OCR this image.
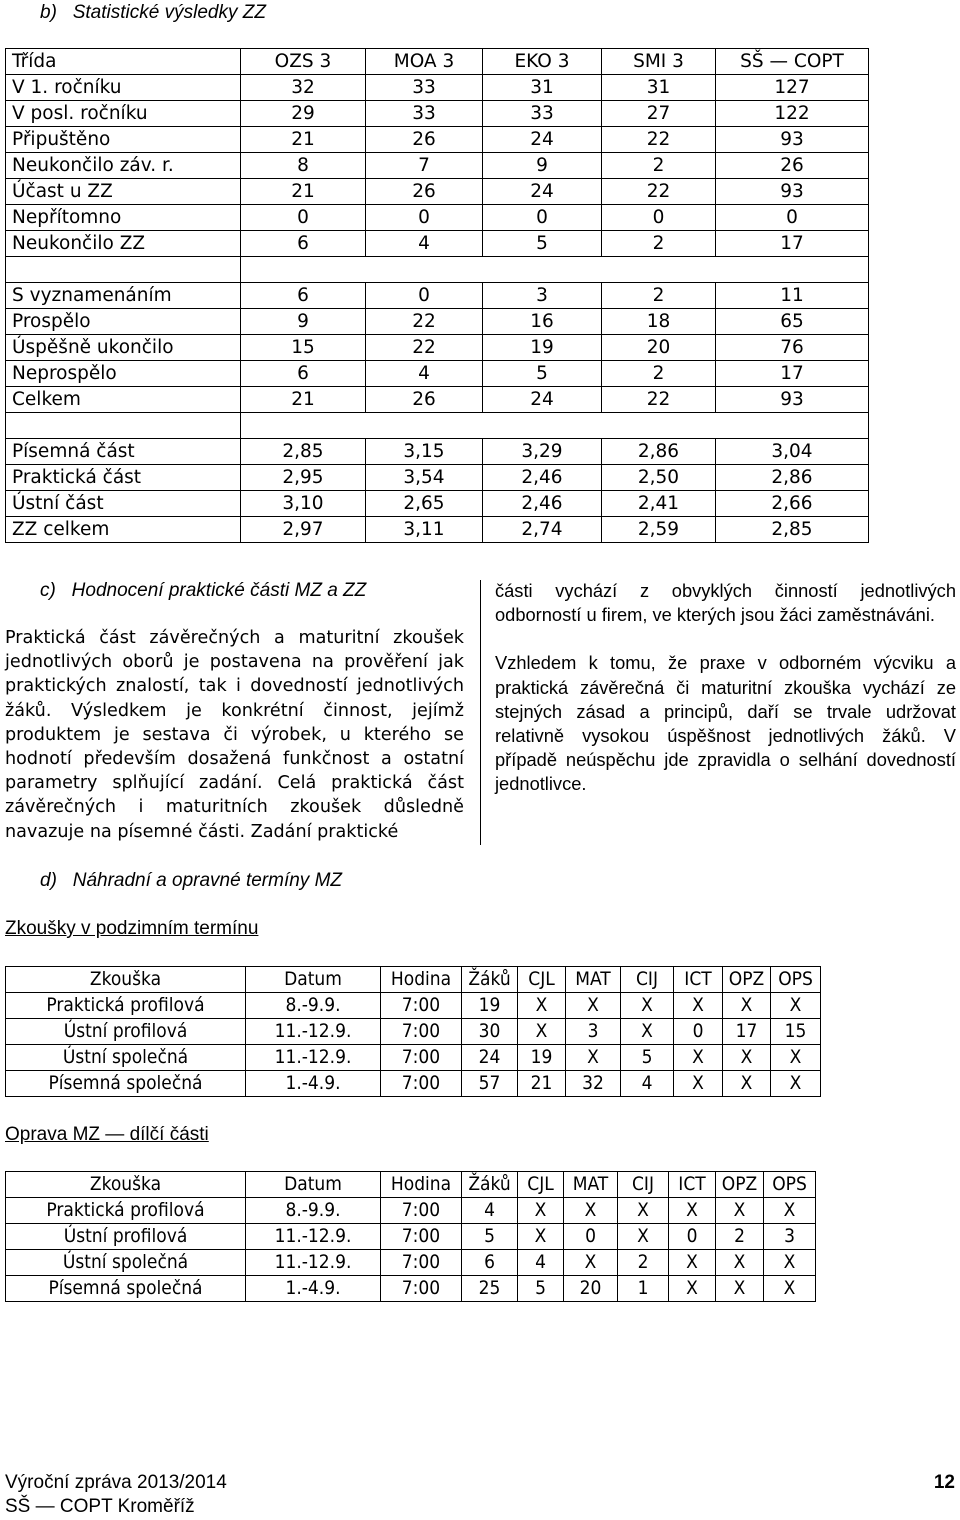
b)   Statistické výsledky ZZ
Třída	OZS 3	MOA 3	EKO 3	SMI 3	SŠ — COPT
V 1. ročníku	32	33	31	31	127
V posl. ročníku	29	33	33	27	122
Připuštěno	21	26	24	22	93
Neukončilo záv. r.	8	7	9	2	26
Účast u ZZ	21	26	24	22	93
Nepřítomno	0	0	0	0	0
Neukončilo ZZ	6	4	5	2	17

S vyznamenáním	6	0	3	2	11
Prospělo	9	22	16	18	65
Úspěšně ukončilo	15	22	19	20	76
Neprospělo	6	4	5	2	17
Celkem	21	26	24	22	93

Písemná část	2,85	3,15	3,29	2,86	3,04
Praktická část	2,95	3,54	2,46	2,50	2,86
Ústní část	3,10	2,65	2,46	2,41	2,66
ZZ celkem	2,97	3,11	2,74	2,59	2,85
c)   Hodnocení praktické části MZ a ZZ

Praktická část závěrečných a maturitní zkoušek jednotlivých oborů je postavena na prověření jak praktických znalostí, tak i dovedností jednotlivých žáků. Výsledkem je konkrétní činnost, jejímž produktem je sestava či výrobek, u kterého se hodnotí především dosažená funkčnost a ostatní parametry splňující zadání. Celá praktická část závěrečných i maturitních zkoušek důsledně navazuje na písemné části. Zadání praktické

části vychází z obvyklých činností jednotlivých odborností u firem, ve kterých jsou žáci zaměstnáváni.

Vzhledem k tomu, že praxe v odborném výcviku a praktická závěrečná či maturitní zkouška vychází ze stejných zásad a principů, daří se trvale udržovat relativně vysokou úspěšnost jednotlivých žáků. V případě neúspěchu jde zpravidla o selhání dovedností jednotlivce.

d)   Náhradní a opravné termíny MZ
Zkoušky v podzimním termínu
Zkouška	Datum	Hodina	Žáků	CJL	MAT	CIJ	ICT	OPZ	OPS
Praktická profilová	8.-9.9.	7:00	19	X	X	X	X	X	X
Ústní profilová	11.-12.9.	7:00	30	X	3	X	0	17	15
Ústní společná	11.-12.9.	7:00	24	19	X	5	X	X	X
Písemná společná	1.-4.9.	7:00	57	21	32	4	X	X	X
Oprava MZ — dílčí části
Zkouška	Datum	Hodina	Žáků	CJL	MAT	CIJ	ICT	OPZ	OPS
Praktická profilová	8.-9.9.	7:00	4	X	X	X	X	X	X
Ústní profilová	11.-12.9.	7:00	5	X	0	X	0	2	3
Ústní společná	11.-12.9.	7:00	6	4	X	2	X	X	X
Písemná společná	1.-4.9.	7:00	25	5	20	1	X	X	X
Výroční zpráva 2013/2014
SŠ — COPT Kroměříž
12
